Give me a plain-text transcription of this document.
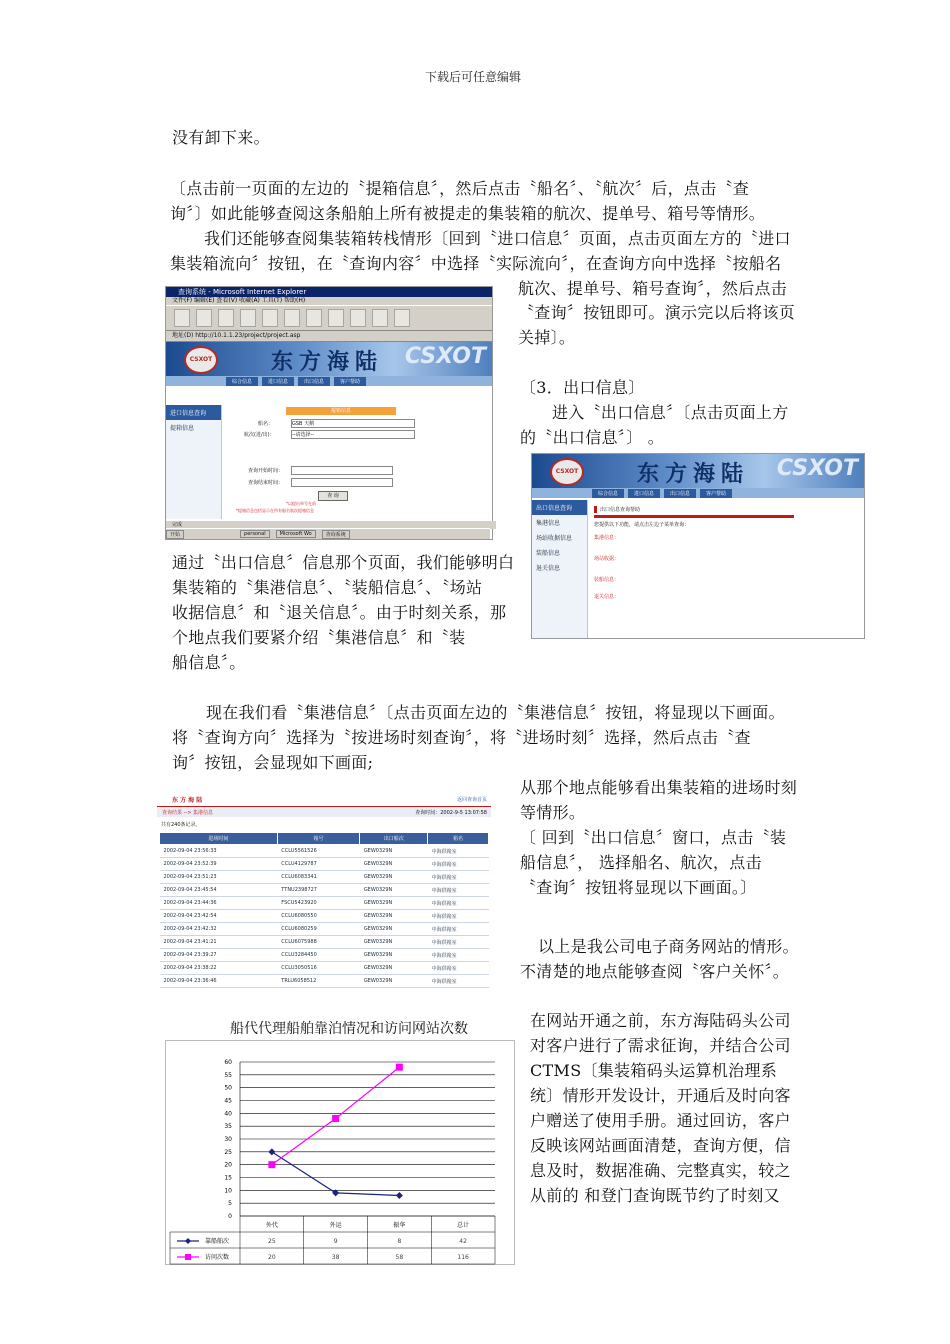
下载后可任意编辑
没有卸下来。
〔点击前一页面的左边的〝提箱信息〞，然后点击〝船名〞、〝航次〞后，点击〝查
询〞〕如此能够查阅这条船舶上所有被提走的集装箱的航次、提单号、箱号等情形。
我们还能够查阅集装箱转栈情形〔回到〝进口信息〞页面，点击页面左方的〝进口
集装箱流向〞按钮，在〝查询内容〞中选择〝实际流向〞，在查询方向中选择〝按船名
航次、提单号、箱号查询〞，然后点击
〝查询〞按钮即可。演示完以后将该页
关掉〕。
〔3．出口信息〕
进入〝出口信息〞〔点击页面上方
的〝出口信息〞〕 。
通过〝出口信息〞信息那个页面，我们能够明白
集装箱的〝集港信息〞、〝装船信息〞、〝场站
收据信息〞和〝退关信息〞。由于时刻关系，那
个地点我们要紧介绍〝集港信息〞和〝装
船信息〞。
现在我们看〝集港信息〞〔点击页面左边的〝集港信息〞按钮，将显现以下画面。
将〝查询方向〞选择为〝按进场时刻查询〞，将〝进场时刻〞选择，然后点击〝查
询〞按钮，会显现如下画面;
从那个地点能够看出集装箱的进场时刻
等情形。
〔 回到〝出口信息〞窗口，点击〝装
船信息〞， 选择船名、航次，点击
〝查询〞按钮将显现以下画面。〕
以上是我公司电子商务网站的情形。
不清楚的地点能够查阅〝客户关怀〞。
在网站开通之前，东方海陆码头公司
对客户进行了需求征询，并结合公司
CTMS〔集装箱码头运算机治理系
统〕情形开发设计，开通后及时向客
户赠送了使用手册。通过回访，客户
反映该网站画面清楚，查询方便，信
息及时，数据准确、完整真实，较之
从前的 和登门查询既节约了时刻又
查询系统 - Microsoft Internet Explorer
文件(F) 编辑(E) 查看(V) 收藏(A) 工具(T) 帮助(H)
地址(D) http://10.1.1.23/project/project.asp
CSXOT	东方海陆 CSXOT
综合信息	进口信息	出口信息	客户帮助
进口信息查询
提箱信息
提箱信息
船名：	GSB 天鹅
航次(进/出)：	--请选择--
查询开始时间：
查询结束时间：
查 询
*以提出单号在前
*提箱信息包括显示在所有船名航次提箱信息
完成
开始	personal	Microsoft Wo	查询系统
CSXOT	东方海陆 CSXOT
综合信息	进口信息	出口信息	客户帮助
出口信息查询
集港信息
场站收据信息
装船信息
退关信息
出口信息查询帮助
您提供以下功能，请点击左边子菜单查询：
集港信息：
场站收据：
装船信息：
退关信息：
东 方 海 陆	返回查询首页
查询结果 --> 集港信息	查询时间：2002-9-5 13:07:58
共有240条记录。
进场时间	箱号	出口船次	箱名
2002-09-04 23:56:33	CCLU5561526	GEW0329N	中海供箱室
2002-09-04 23:52:39	CCLU4129787	GEW0329N	中海供箱室
2002-09-04 23:51:23	CCLU6083341	GEW0329N	中海供箱室
2002-09-04 23:45:54	TTNU2398727	GEW0329N	中海供箱室
2002-09-04 23:44:36	FSCU5423920	GEW0329N	中海供箱室
2002-09-04 23:42:54	CCLU6080550	GEW0329N	中海供箱室
2002-09-04 23:42:32	CCLU6080259	GEW0329N	中海供箱室
2002-09-04 23:41:21	CCLU6075988	GEW0329N	中海供箱室
2002-09-04 23:39:27	CCLU3284450	GEW0329N	中海供箱室
2002-09-04 23:38:22	CCLU3050516	GEW0329N	中海供箱室
2002-09-04 23:36:46	TRLU6058512	GEW0329N	中海供箱室
船代代理船舶靠泊情况和访问网站次数
0
5
10
15
20
25
30
35
40
45
50
55
60
外代	外运	振华	总计
靠船舶次	25	9	8	42
访问次数	20	38	58	116
